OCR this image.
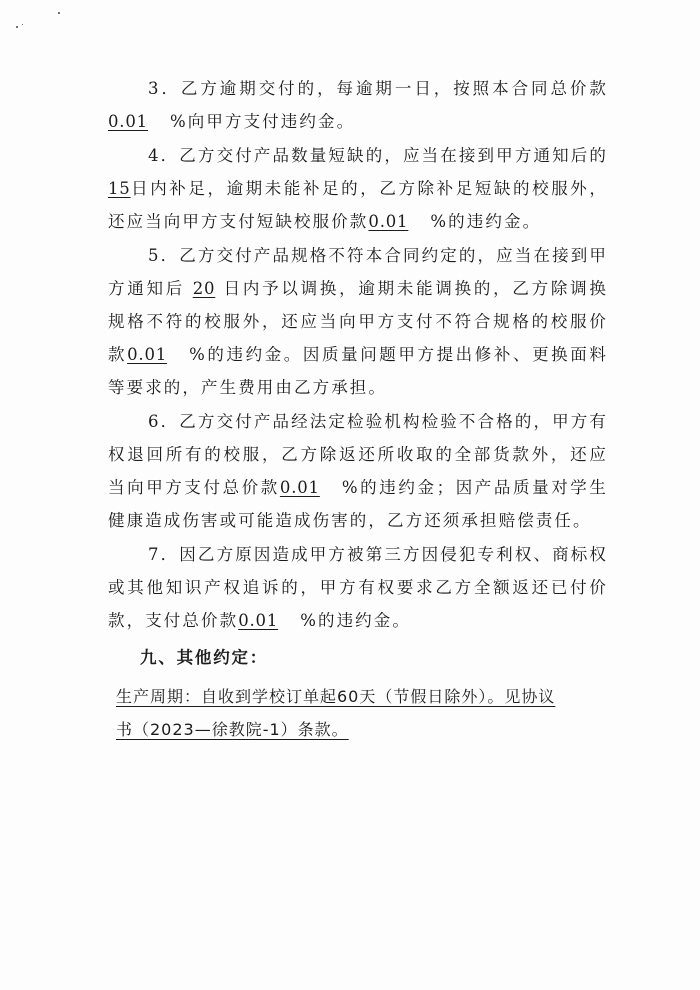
3．乙方逾期交付的，每逾期一日，按照本合同总价款0.01 %向甲方支付违约金。

4．乙方交付产品数量短缺的，应当在接到甲方通知后的15日内补足，逾期未能补足的，乙方除补足短缺的校服外，还应当向甲方支付短缺校服价款0.01 %的违约金。

5．乙方交付产品规格不符本合同约定的，应当在接到甲方通知后 20 日内予以调换，逾期未能调换的，乙方除调换规格不符的校服外，还应当向甲方支付不符合规格的校服价款0.01 %的违约金。因质量问题甲方提出修补、更换面料等要求的，产生费用由乙方承担。

6．乙方交付产品经法定检验机构检验不合格的，甲方有权退回所有的校服，乙方除返还所收取的全部货款外，还应当向甲方支付总价款0.01 %的违约金；因产品质量对学生健康造成伤害或可能造成伤害的，乙方还须承担赔偿责任。

7．因乙方原因造成甲方被第三方因侵犯专利权、商标权或其他知识产权追诉的，甲方有权要求乙方全额返还已付价款，支付总价款0.01 %的违约金。

九、其他约定：
生产周期：自收到学校订单起60天（节假日除外）。见协议
书（2023—徐教院-1）条款。
